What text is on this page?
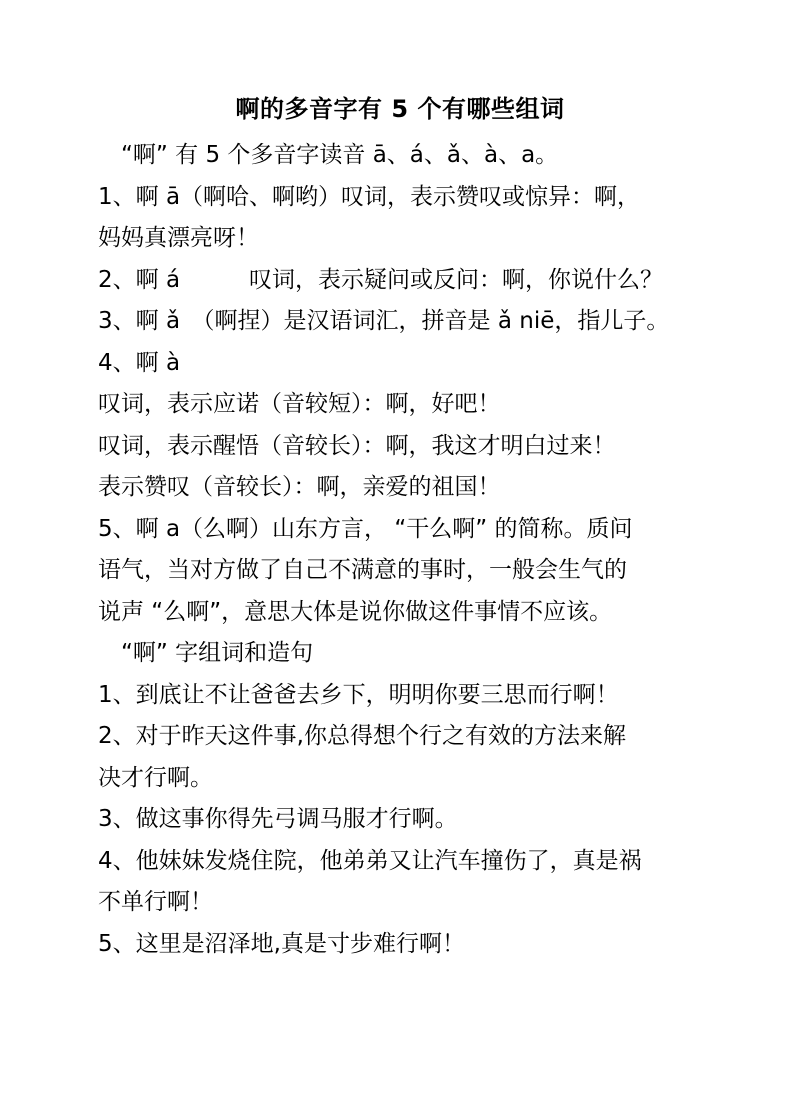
啊的多音字有 5 个有哪些组词
　“啊” 有 5 个多音字读音 ā、á、ǎ、à、a。
1、啊 ā（啊哈、啊哟）叹词，表示赞叹或惊异：啊，
妈妈真漂亮呀！
2、啊 á　　　叹词，表示疑问或反问：啊，你说什么？
3、啊 ǎ　（啊捏）是汉语词汇，拼音是 ǎ niē，指儿子。
4、啊 à
叹词，表示应诺（音较短）：啊，好吧！
叹词，表示醒悟（音较长）：啊，我这才明白过来！
表示赞叹（音较长）：啊，亲爱的祖国！
5、啊 a（么啊）山东方言， “干么啊” 的简称。质问
语气，当对方做了自己不满意的事时，一般会生气的
说声 “么啊”，意思大体是说你做这件事情不应该。
　“啊” 字组词和造句
1、到底让不让爸爸去乡下，明明你要三思而行啊！
2、对于昨天这件事,你总得想个行之有效的方法来解
决才行啊。
3、做这事你得先弓调马服才行啊。
4、他妹妹发烧住院，他弟弟又让汽车撞伤了，真是祸
不单行啊！
5、这里是沼泽地,真是寸步难行啊！
